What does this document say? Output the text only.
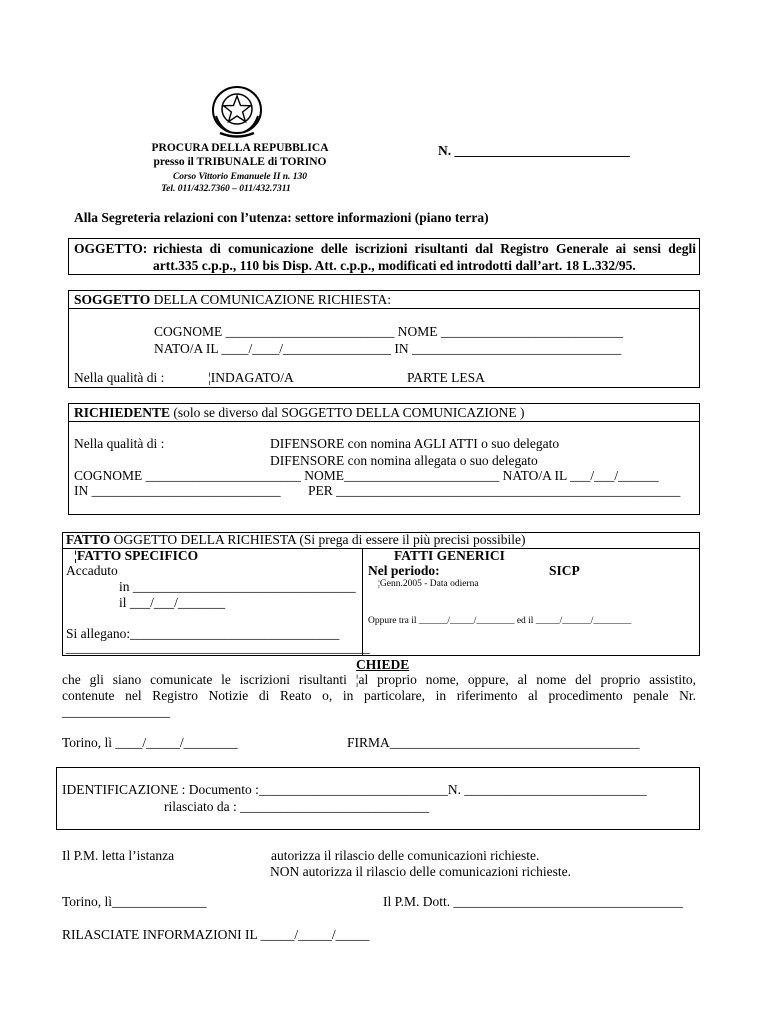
PROCURA DELLA REPUBBLICA
presso il TRIBUNALE di TORINO
Corso Vittorio Emanuele II n. 130
Tel. 011/432.7360 – 011/432.7311
N. __________________________
Alla Segreteria relazioni con l’utenza: settore informazioni (piano terra)
OGGETTO: richiesta di comunicazione delle iscrizioni risultanti dal Registro Generale ai sensi degli
artt.335 c.p.p., 110 bis Disp. Att. c.p.p., modificati ed introdotti dall’art. 18 L.332/95.
SOGGETTO DELLA COMUNICAZIONE RICHIESTA:
COGNOME _________________________ NOME ___________________________
NATO/A IL ____/____/________________ IN _______________________________
Nella qualità di :	¦INDAGATO/A	PARTE LESA
RICHIEDENTE (solo se diverso dal SOGGETTO DELLA COMUNICAZIONE )
Nella qualità di :	DIFENSORE con nomina AGLI ATTI o suo delegato
DIFENSORE con nomina allegata o suo delegato
COGNOME _______________________ NOME_______________________ NATO/A IL ___/___/______
IN ____________________________ PER ___________________________________________________
FATTO OGGETTO DELLA RICHIESTA (Si prega di essere il più precisi possibile)
¦FATTO SPECIFICO
Accaduto
in _________________________________
il ___/___/_______
Si allegano:_______________________________
_____________________________________________
FATTI GENERICI
Nel periodo:	SICP
¦Genn.2005 - Data odierna
Oppure tra il ______/_____/________ ed il _____/______/________
CHIEDE
che gli siano comunicate le iscrizioni risultanti ¦al proprio nome, oppure, al nome del proprio assistito,
contenute nel Registro Notizie di Reato o, in particolare, in riferimento al procedimento penale Nr.
________________
Torino, lì ____/_____/________	FIRMA_____________________________________
IDENTIFICAZIONE : Documento :____________________________N. ___________________________
rilasciato da : ____________________________
Il P.M. letta l’istanza	autorizza il rilascio delle comunicazioni richieste.
NON autorizza il rilascio delle comunicazioni richieste.
Torino, lì______________	Il P.M. Dott. __________________________________
RILASCIATE INFORMAZIONI IL _____/_____/_____
